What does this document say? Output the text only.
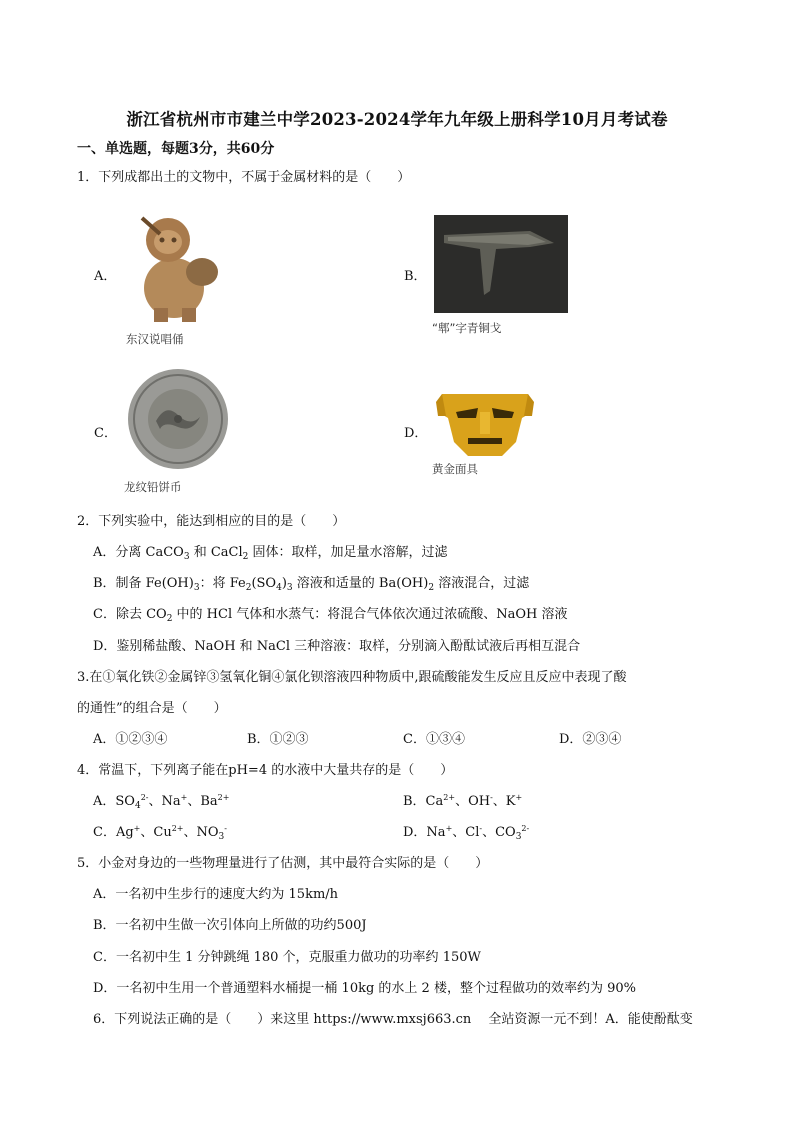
浙江省杭州市市建兰中学2023-2024学年九年级上册科学10月月考试卷
一、单选题，每题3分，共60分
1．下列成都出土的文物中，不属于金属材料的是（　　）
A．
东汉说唱俑
B．
“郫”字青铜戈
C．
龙纹铅饼币
D．
黄金面具
2．下列实验中，能达到相应的目的是（　　）
A．分离 CaCO$_3$ 和 CaCl$_2$ 固体：取样，加足量水溶解，过滤
B．制备 $Fe(OH)_3$：将 $Fe_2(SO_4)_3$ 溶液和适量的 $Ba(OH)_2$ 溶液混合，过滤
C．除去 $CO_2$ 中的 HCl 气体和水蒸气：将混合气体依次通过浓硫酸、NaOH 溶液
D．鉴别稀盐酸、NaOH 和 NaCl 三种溶液：取样，分别滴入酚酞试液后再相互混合
3.在①氧化铁②金属锌③氢氧化铜④氯化钡溶液四种物质中,跟硫酸能发生反应且反应中表现了酸
的通性”的组合是（　　）
A．①②③④	B．①②③	C．①③④	D．②③④
4．常温下，下列离子能在pH=4 的水液中大量共存的是（　　）
A．$SO_4^{2-}$、Na+、$Ba^{2+}$	B．$Ca^{2+}$、OH-、K+
C．Ag+、$Cu^{2+}$、$NO_3^-$	D．Na+、Cl-、$CO_3^{2-}$
5．小金对身边的一些物理量进行了估测，其中最符合实际的是（　　）
A．一名初中生步行的速度大约为 15km/h
B．一名初中生做一次引体向上所做的功约500J
C．一名初中生 1 分钟跳绳 180 个，克服重力做功的功率约 150W
D．一名初中生用一个普通塑料水桶提一桶 10kg 的水上 2 楼，整个过程做功的效率约为 90%
6．下列说法正确的是（　　）来这里 https://www.mxsj663.cn　 全站资源一元不到！A．能使酚酞变
